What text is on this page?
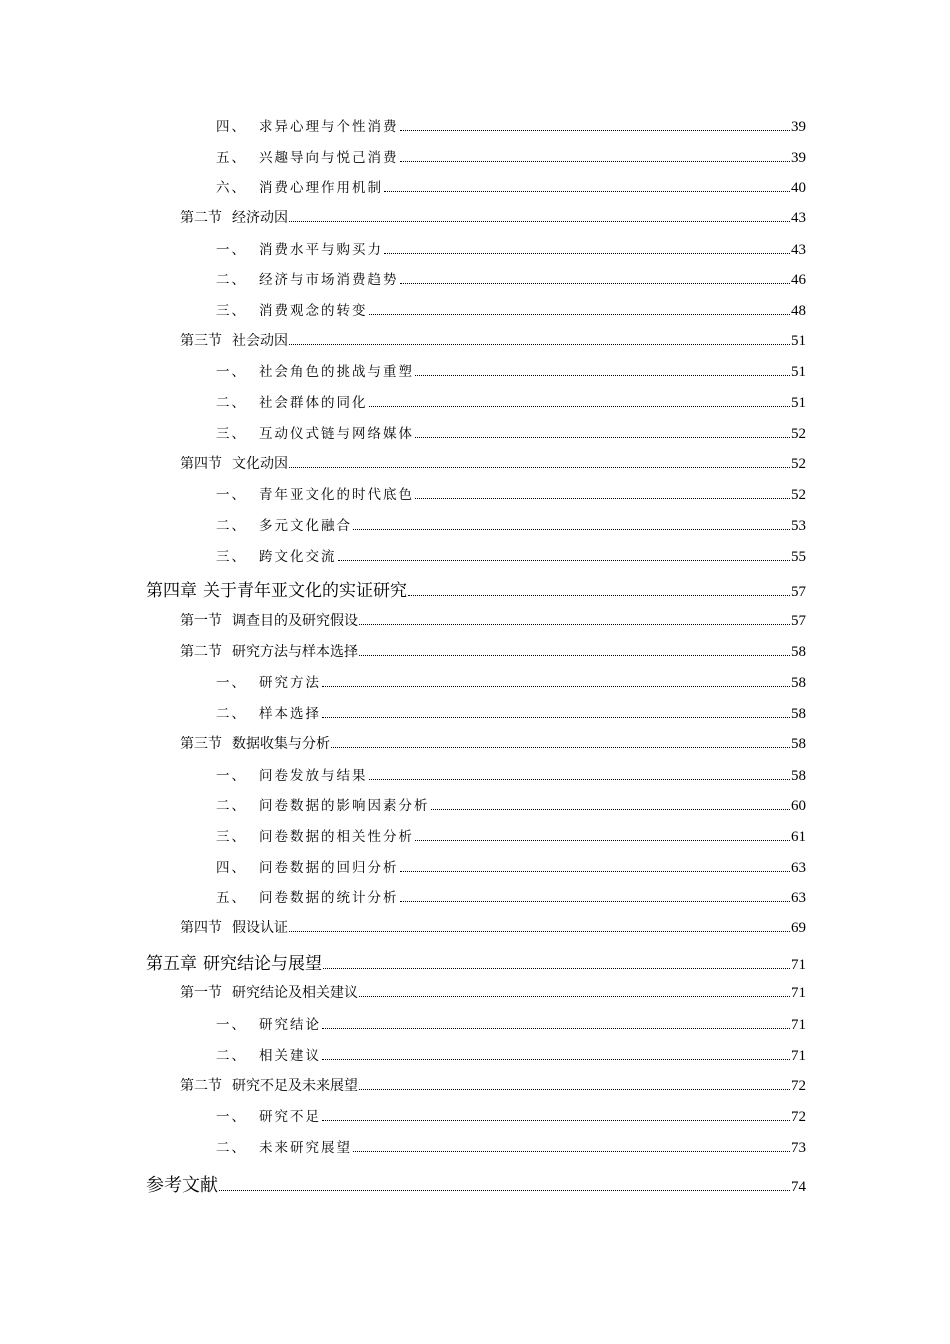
四、 求异心理与个性消费	39
五、 兴趣导向与悦己消费	39
六、 消费心理作用机制	40
第二节 经济动因	43
一、 消费水平与购买力	43
二、 经济与市场消费趋势	46
三、 消费观念的转变	48
第三节 社会动因	51
一、 社会角色的挑战与重塑	51
二、 社会群体的同化	51
三、 互动仪式链与网络媒体	52
第四节 文化动因	52
一、 青年亚文化的时代底色	52
二、 多元文化融合	53
三、 跨文化交流	55
第四章 关于青年亚文化的实证研究	57
第一节 调查目的及研究假设	57
第二节 研究方法与样本选择	58
一、 研究方法	58
二、 样本选择	58
第三节 数据收集与分析	58
一、 问卷发放与结果	58
二、 问卷数据的影响因素分析	60
三、 问卷数据的相关性分析	61
四、 问卷数据的回归分析	63
五、 问卷数据的统计分析	63
第四节 假设认证	69
第五章 研究结论与展望	71
第一节 研究结论及相关建议	71
一、 研究结论	71
二、 相关建议	71
第二节 研究不足及未来展望	72
一、 研究不足	72
二、 未来研究展望	73
参考文献	74
